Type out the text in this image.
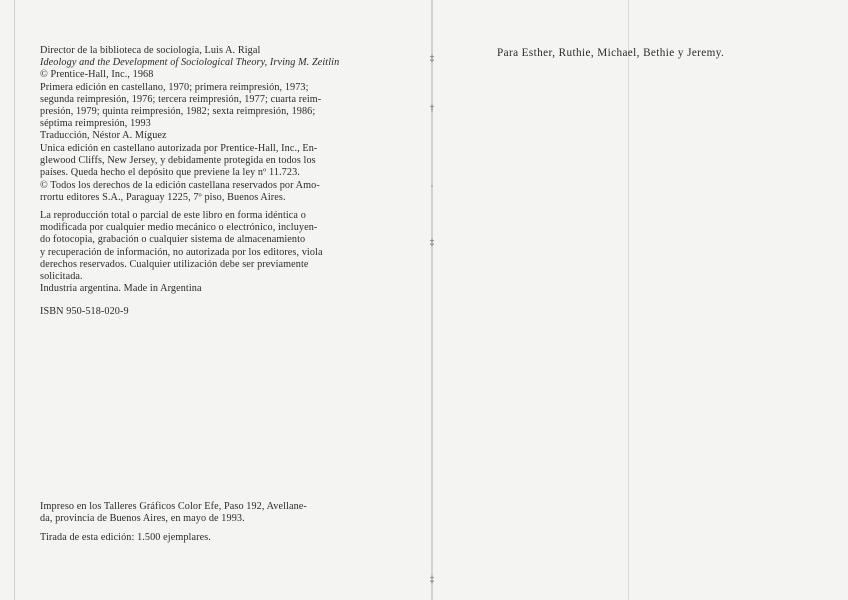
Director de la biblioteca de sociología, Luis A. Rigal
Ideology and the Development of Sociological Theory, Irving M. Zeitlin
© Prentice-Hall, Inc., 1968
Primera edición en castellano, 1970; primera reimpresión, 1973;
segunda reimpresión, 1976; tercera reimpresión, 1977; cuarta reim-
presión, 1979; quinta reimpresión, 1982; sexta reimpresión, 1986;
séptima reimpresión, 1993
Traducción, Néstor A. Míguez
Unica edición en castellano autorizada por Prentice-Hall, Inc., En-
glewood Cliffs, New Jersey, y debidamente protegida en todos los
países. Queda hecho el depósito que previene la ley nº 11.723.
© Todos los derechos de la edición castellana reservados por Amo-
rrortu editores S.A., Paraguay 1225, 7º piso, Buenos Aires.
La reproducción total o parcial de este libro en forma idéntica o
modificada por cualquier medio mecánico o electrónico, incluyen-
do fotocopia, grabación o cualquier sistema de almacenamiento
y recuperación de información, no autorizada por los editores, viola
derechos reservados. Cualquier utilización debe ser previamente
solicitada.
Industria argentina. Made in Argentina
ISBN 950-518-020-9
Impreso en los Talleres Gráficos Color Efe, Paso 192, Avellane-
da, provincia de Buenos Aires, en mayo de 1993.
Tirada de esta edición: 1.500 ejemplares.
Para Esther, Ruthie, Michael, Bethie y Jeremy.
‡
†
·
‡
‡
